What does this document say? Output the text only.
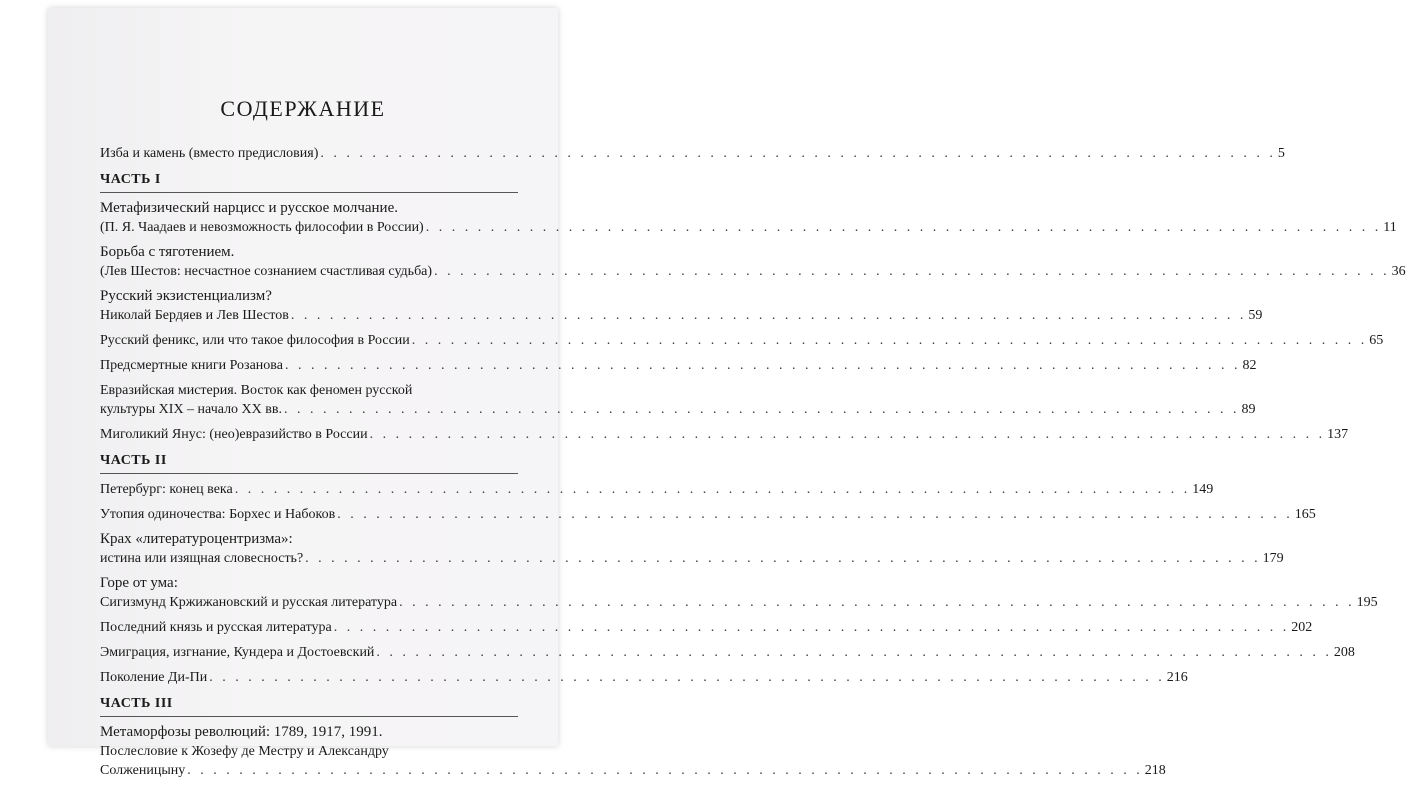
СОДЕРЖАНИЕ
Изба и камень (вместо предисловия) . . .	5
ЧАСТЬ I
Метафизический нарцисс и русское молчание.
(П. Я. Чаадаев и невозможность философии в России) . . .	11
Борьба с тяготением.
(Лев Шестов: несчастное сознанием счастливая судьба) . . .	36
Русский экзистенциализм?
Николай Бердяев и Лев Шестов . . .	59
Русский феникс, или что такое философия в России . . .	65
Предсмертные книги Розанова . . .	82
Евразийская мистерия. Восток как феномен русской
культуры XIX – начало XX вв. . . .	89
Миголикий Янус: (нео)евразийство в России . . .	137
ЧАСТЬ II
Петербург: конец века . . .	149
Утопия одиночества: Борхес и Набоков . . .	165
Крах «литературоцентризма»:
истина или изящная словесность? . . .	179
Горе от ума:
Сигизмунд Кржижановский и русская литература . . .	195
Последний князь и русская литература . . .	202
Эмиграция, изгнание, Кундера и Достоевский . . .	208
Поколение Ди-Пи . . .	216
ЧАСТЬ III
Метаморфозы революций: 1789, 1917, 1991.
Послесловие к Жозефу де Местру и Александру
Солженицыну . . .	218
